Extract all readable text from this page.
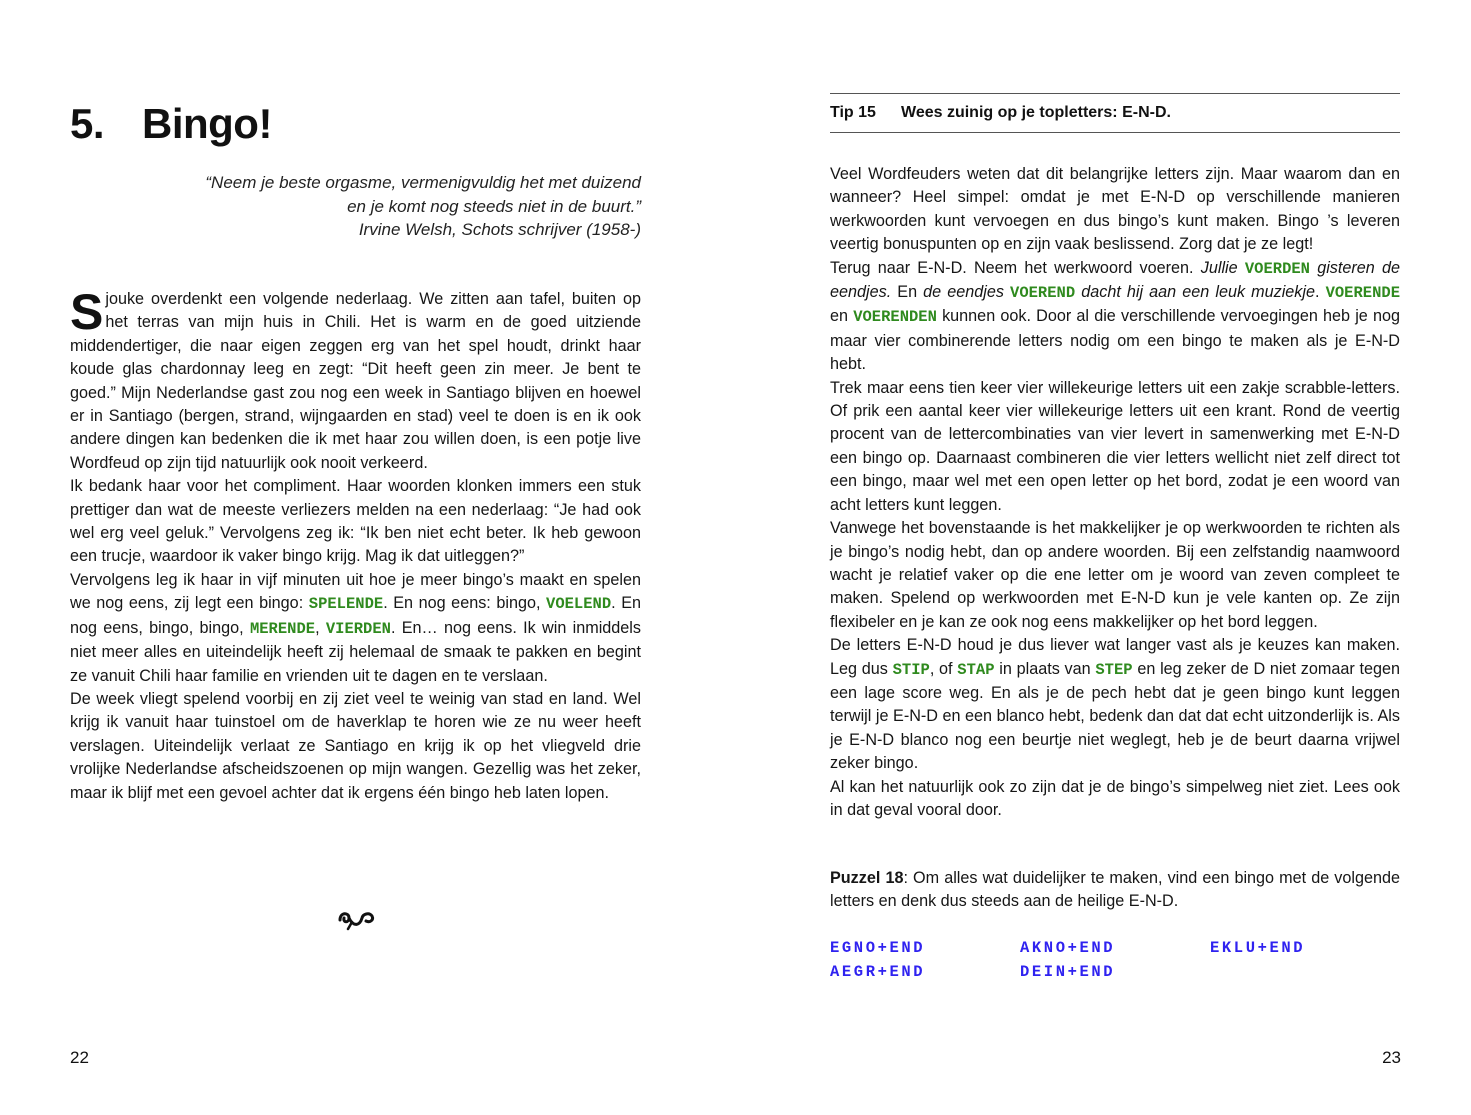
5. Bingo!
“Neem je beste orgasme, vermenigvuldig het met duizend
en je komt nog steeds niet in de buurt.”
Irvine Welsh, Schots schrijver (1958-)

Sjouke overdenkt een volgende nederlaag. We zitten aan tafel, buiten op het terras van mijn huis in Chili. Het is warm en de goed uitziende middendertiger, die naar eigen zeggen erg van het spel houdt, drinkt haar koude glas chardonnay leeg en zegt: “Dit heeft geen zin meer. Je bent te goed.” Mijn Nederlandse gast zou nog een week in Santiago blijven en hoewel er in Santiago (bergen, strand, wijngaarden en stad) veel te doen is en ik ook andere dingen kan bedenken die ik met haar zou willen doen, is een potje live Wordfeud op zijn tijd natuurlijk ook nooit verkeerd.

Ik bedank haar voor het compliment. Haar woorden klonken immers een stuk prettiger dan wat de meeste verliezers melden na een nederlaag: “Je had ook wel erg veel geluk.” Vervolgens zeg ik: “Ik ben niet echt beter. Ik heb gewoon een trucje, waardoor ik vaker bingo krijg. Mag ik dat uitleggen?”

Vervolgens leg ik haar in vijf minuten uit hoe je meer bingo’s maakt en spelen we nog eens, zij legt een bingo: SPELENDE. En nog eens: bingo, VOELEND. En nog eens, bingo, bingo, MERENDE, VIERDEN. En… nog eens. Ik win inmiddels niet meer alles en uiteindelijk heeft zij helemaal de smaak te pakken en begint ze vanuit Chili haar familie en vrienden uit te dagen en te verslaan.

De week vliegt spelend voorbij en zij ziet veel te weinig van stad en land. Wel krijg ik vanuit haar tuinstoel om de haverklap te horen wie ze nu weer heeft verslagen. Uiteindelijk verlaat ze Santiago en krijg ik op het vliegveld drie vrolijke Nederlandse afscheidszoenen op mijn wangen. Gezellig was het zeker, maar ik blijf met een gevoel achter dat ik ergens één bingo heb laten lopen.

22
Tip 15	Wees zuinig op je topletters: E-N-D.

Veel Wordfeuders weten dat dit belangrijke letters zijn. Maar waarom dan en wanneer? Heel simpel: omdat je met E-N-D op verschillende manieren werkwoorden kunt vervoegen en dus bingo’s kunt maken. Bingo ’s leveren veertig bonuspunten op en zijn vaak beslissend. Zorg dat je ze legt!

Terug naar E-N-D. Neem het werkwoord voeren. Jullie VOERDEN gisteren de eendjes. En de eendjes VOEREND dacht hij aan een leuk muziekje. VOERENDE en VOERENDEN kunnen ook. Door al die verschillende vervoegingen heb je nog maar vier combinerende letters nodig om een bingo te maken als je E-N-D hebt.

Trek maar eens tien keer vier willekeurige letters uit een zakje scrabble-letters. Of prik een aantal keer vier willekeurige letters uit een krant. Rond de veertig procent van de lettercombinaties van vier levert in samenwerking met E-N-D een bingo op. Daarnaast combineren die vier letters wellicht niet zelf direct tot een bingo, maar wel met een open letter op het bord, zodat je een woord van acht letters kunt leggen.

Vanwege het bovenstaande is het makkelijker je op werkwoorden te richten als je bingo’s nodig hebt, dan op andere woorden. Bij een zelfstandig naamwoord wacht je relatief vaker op die ene letter om je woord van zeven compleet te maken. Spelend op werkwoorden met E-N-D kun je vele kanten op. Ze zijn flexibeler en je kan ze ook nog eens makkelijker op het bord leggen.

De letters E-N-D houd je dus liever wat langer vast als je keuzes kan maken. Leg dus STIP, of STAP in plaats van STEP en leg zeker de D niet zomaar tegen een lage score weg. En als je de pech hebt dat je geen bingo kunt leggen terwijl je E-N-D en een blanco hebt, bedenk dan dat dat echt uitzonderlijk is. Als je E-N-D blanco nog een beurtje niet weglegt, heb je de beurt daarna vrijwel zeker bingo.

Al kan het natuurlijk ook zo zijn dat je de bingo’s simpelweg niet ziet. Lees ook in dat geval vooral door.

Puzzel 18: Om alles wat duidelijker te maken, vind een bingo met de volgende letters en denk dus steeds aan de heilige E-N-D.
EGNO+END	AKNO+END	EKLU+END
AEGR+END	DEIN+END
23
